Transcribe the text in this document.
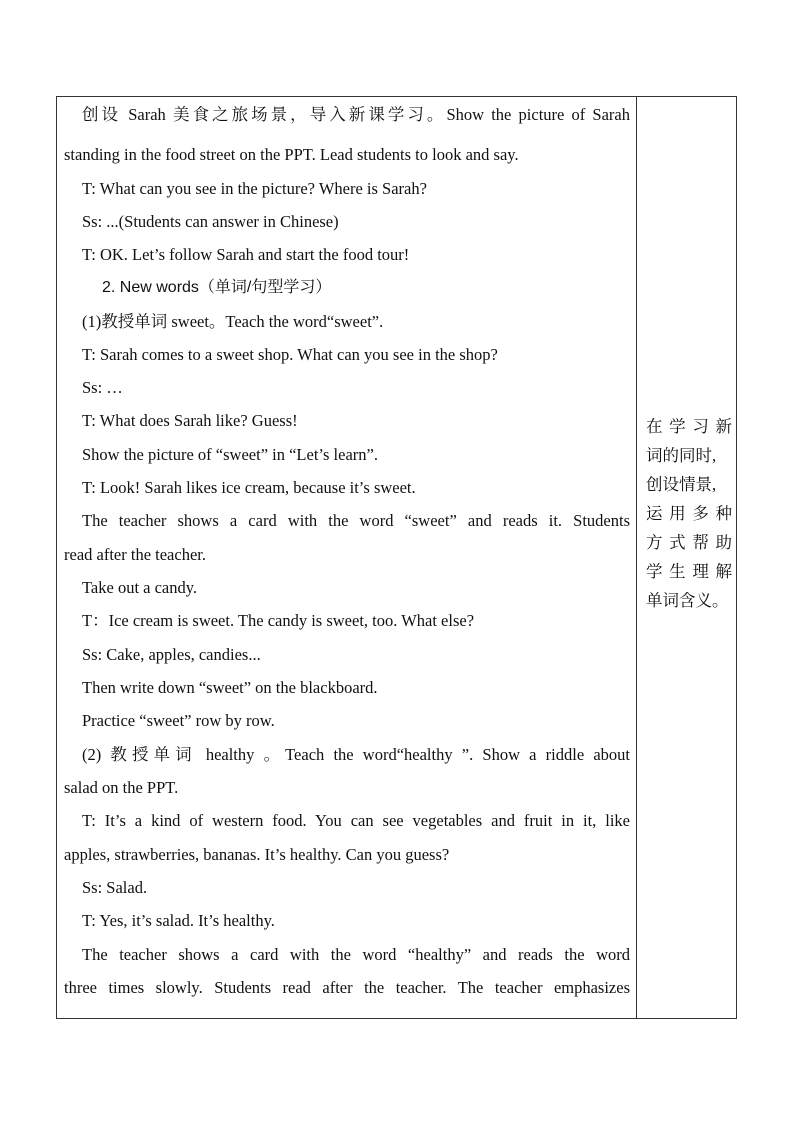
创设 Sarah 美食之旅场景，导入新课学习。Show the picture of Sarah
standing in the food street on the PPT. Lead students to look and say.
T: What can you see in the picture? Where is Sarah?
Ss: ...(Students can answer in Chinese)
T: OK. Let’s follow Sarah and start the food tour!
2. New words（单词/句型学习）
(1)教授单词 sweet。Teach the word“sweet”.
T: Sarah comes to a sweet shop. What can you see in the shop?
Ss: …
T: What does Sarah like? Guess!
Show the picture of “sweet” in “Let’s learn”.
T: Look! Sarah likes ice cream, because it’s sweet.
The teacher shows a card with the word “sweet” and reads it. Students
read after the teacher.
Take out a candy.
T：Ice cream is sweet. The candy is sweet, too. What else?
Ss: Cake, apples, candies...
Then write down “sweet” on the blackboard.
Practice “sweet” row by row.
(2) 教授单词 healthy 。Teach the word“healthy ”. Show a riddle about
salad on the PPT.
T: It’s a kind of western food. You can see vegetables and fruit in it, like
apples, strawberries, bananas. It’s healthy. Can you guess?
Ss: Salad.
T: Yes, it’s salad. It’s healthy.
The teacher shows a card with the word “healthy” and reads the word
three times slowly. Students read after the teacher. The teacher emphasizes
在学习新
词的同时,
创设情景,
运用多种
方式帮助
学生理解
单词含义。
